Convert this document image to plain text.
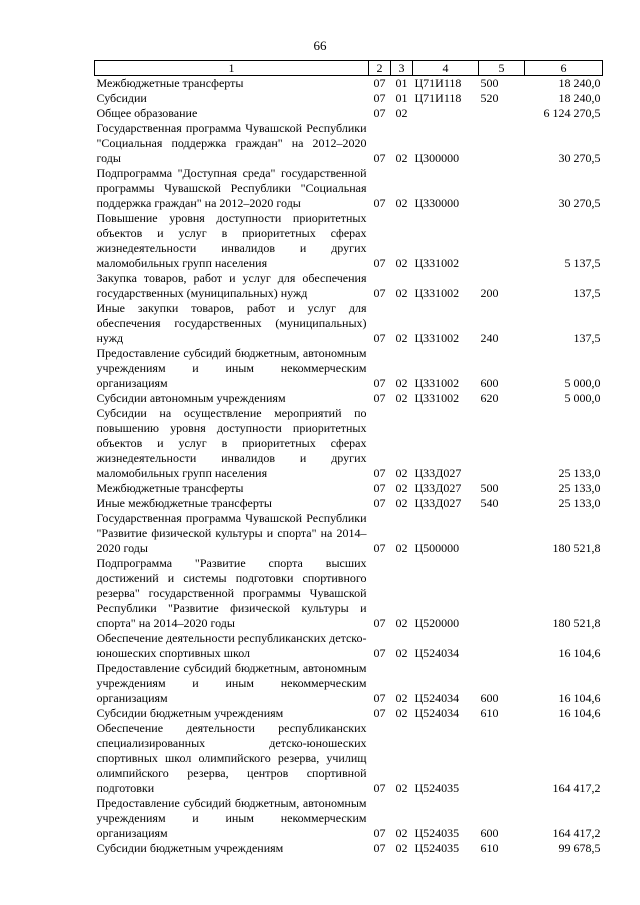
66
1	2	3	4	5	6
Межбюджетные трансферты	07	01	Ц71И118	500	18 240,0
Субсидии	07	01	Ц71И118	520	18 240,0
Общее образование	07	02			6 124 270,5
Государственная программа Чувашской Республики "Социальная поддержка граждан" на 2012–2020 годы	07	02	Ц300000		30 270,5
Подпрограмма "Доступная среда" государственной программы Чувашской Республики "Социальная поддержка граждан" на 2012–2020 годы	07	02	Ц330000		30 270,5
Повышение уровня доступности приоритетных объектов и услуг в приоритетных сферах жизнедеятельности инвалидов и других маломобильных групп населения	07	02	Ц331002		5 137,5
Закупка товаров, работ и услуг для обеспечения государственных (муниципальных) нужд	07	02	Ц331002	200	137,5
Иные закупки товаров, работ и услуг для обеспечения государственных (муниципальных) нужд	07	02	Ц331002	240	137,5
Предоставление субсидий бюджетным, автономным учреждениям и иным некоммерческим организациям	07	02	Ц331002	600	5 000,0
Субсидии автономным учреждениям	07	02	Ц331002	620	5 000,0
Субсидии на осуществление мероприятий по повышению уровня доступности приоритетных объектов и услуг в приоритетных сферах жизнедеятельности инвалидов и других маломобильных групп населения	07	02	Ц33Д027		25 133,0
Межбюджетные трансферты	07	02	Ц33Д027	500	25 133,0
Иные межбюджетные трансферты	07	02	Ц33Д027	540	25 133,0
Государственная программа Чувашской Республики "Развитие физической культуры и спорта" на 2014–2020 годы	07	02	Ц500000		180 521,8
Подпрограмма "Развитие спорта высших достижений и системы подготовки спортивного резерва" государственной программы Чувашской Республики "Развитие физической культуры и спорта" на 2014–2020 годы	07	02	Ц520000		180 521,8
Обеспечение деятельности республиканских детско-юношеских спортивных школ	07	02	Ц524034		16 104,6
Предоставление субсидий бюджетным, автономным учреждениям и иным некоммерческим организациям	07	02	Ц524034	600	16 104,6
Субсидии бюджетным учреждениям	07	02	Ц524034	610	16 104,6
Обеспечение деятельности республиканских специализированных детско-юношеских спортивных школ олимпийского резерва, училищ олимпийского резерва, центров спортивной подготовки	07	02	Ц524035		164 417,2
Предоставление субсидий бюджетным, автономным учреждениям и иным некоммерческим организациям	07	02	Ц524035	600	164 417,2
Субсидии бюджетным учреждениям	07	02	Ц524035	610	99 678,5
